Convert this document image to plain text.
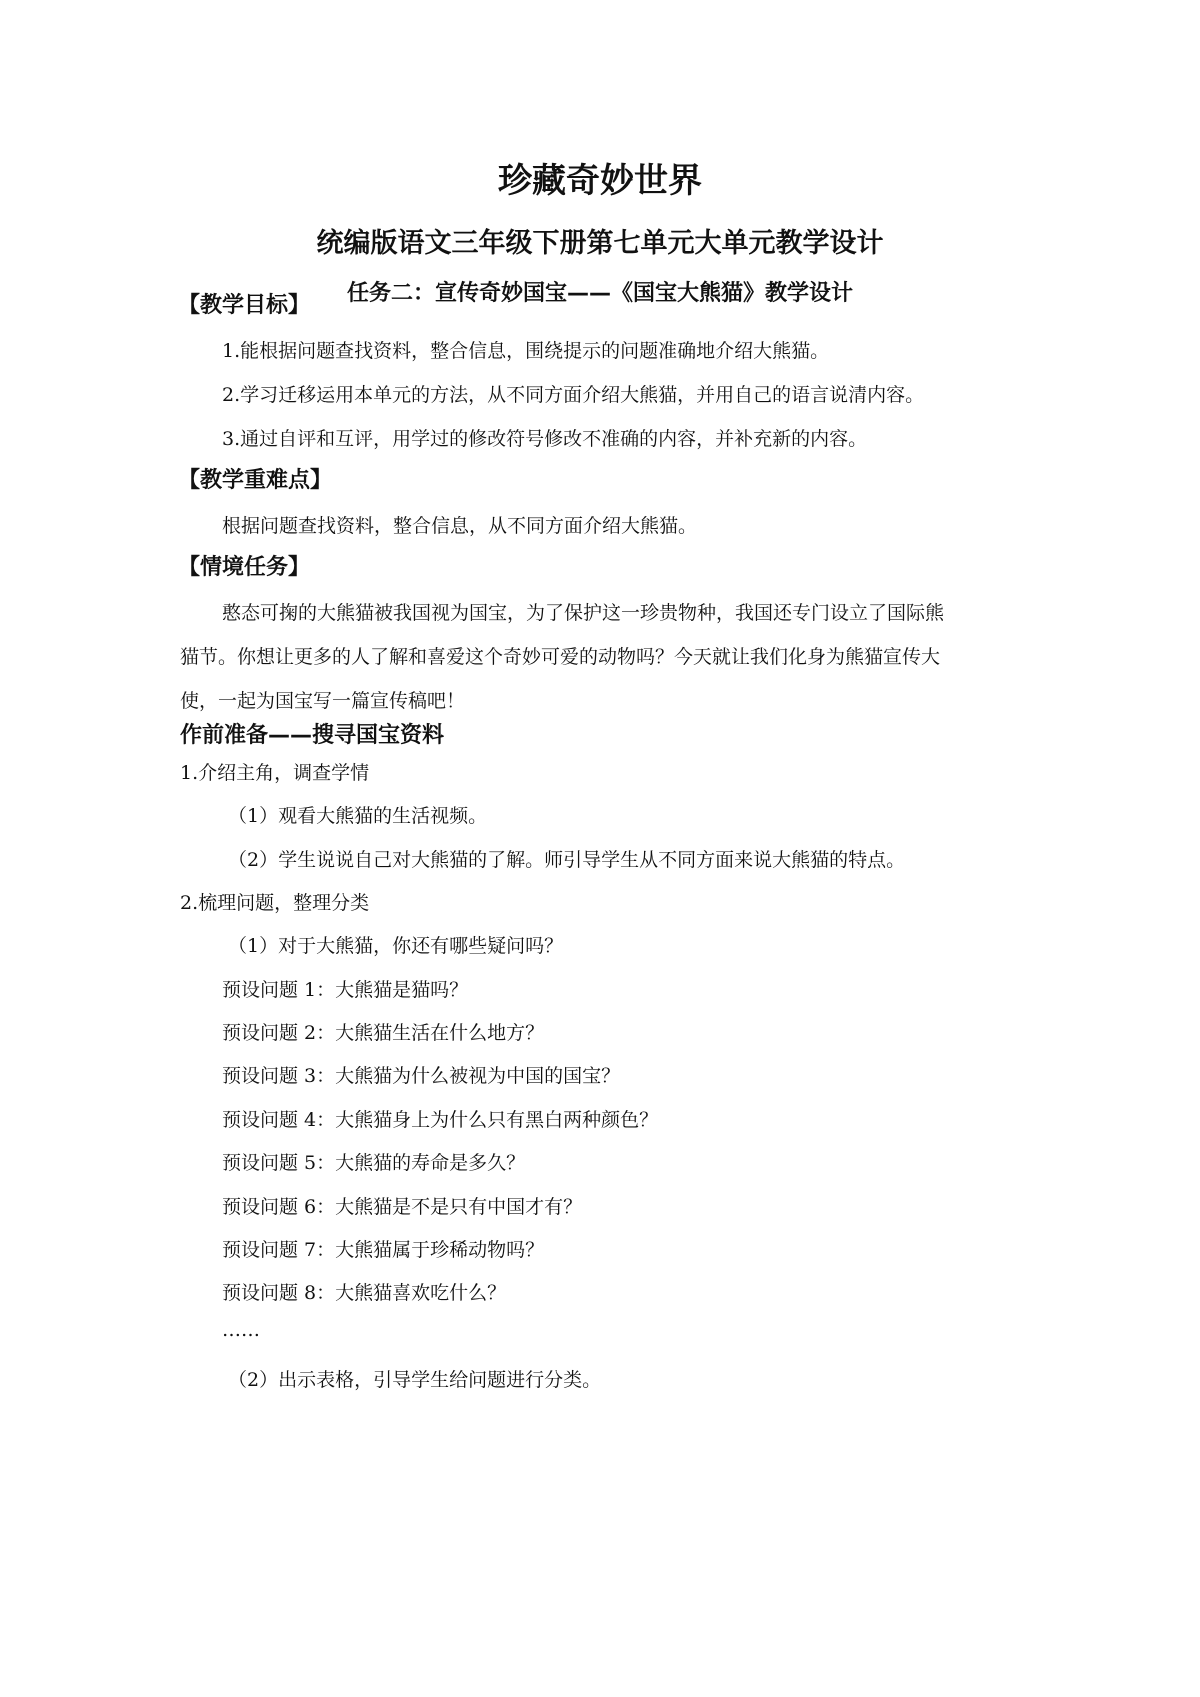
珍藏奇妙世界
统编版语文三年级下册第七单元大单元教学设计
任务二：宣传奇妙国宝——《国宝大熊猫》教学设计
【教学目标】
1.能根据问题查找资料，整合信息，围绕提示的问题准确地介绍大熊猫。
2.学习迁移运用本单元的方法，从不同方面介绍大熊猫，并用自己的语言说清内容。
3.通过自评和互评，用学过的修改符号修改不准确的内容，并补充新的内容。
【教学重难点】
根据问题查找资料，整合信息，从不同方面介绍大熊猫。
【情境任务】
憨态可掬的大熊猫被我国视为国宝，为了保护这一珍贵物种，我国还专门设立了国际熊
猫节。你想让更多的人了解和喜爱这个奇妙可爱的动物吗？今天就让我们化身为熊猫宣传大
使，一起为国宝写一篇宣传稿吧！
作前准备——搜寻国宝资料
1.介绍主角，调查学情
（1）观看大熊猫的生活视频。
（2）学生说说自己对大熊猫的了解。师引导学生从不同方面来说大熊猫的特点。
2.梳理问题，整理分类
（1）对于大熊猫，你还有哪些疑问吗？
预设问题 1：大熊猫是猫吗？
预设问题 2：大熊猫生活在什么地方？
预设问题 3：大熊猫为什么被视为中国的国宝？
预设问题 4：大熊猫身上为什么只有黑白两种颜色？
预设问题 5：大熊猫的寿命是多久？
预设问题 6：大熊猫是不是只有中国才有？
预设问题 7：大熊猫属于珍稀动物吗？
预设问题 8：大熊猫喜欢吃什么？
……
（2）出示表格，引导学生给问题进行分类。
